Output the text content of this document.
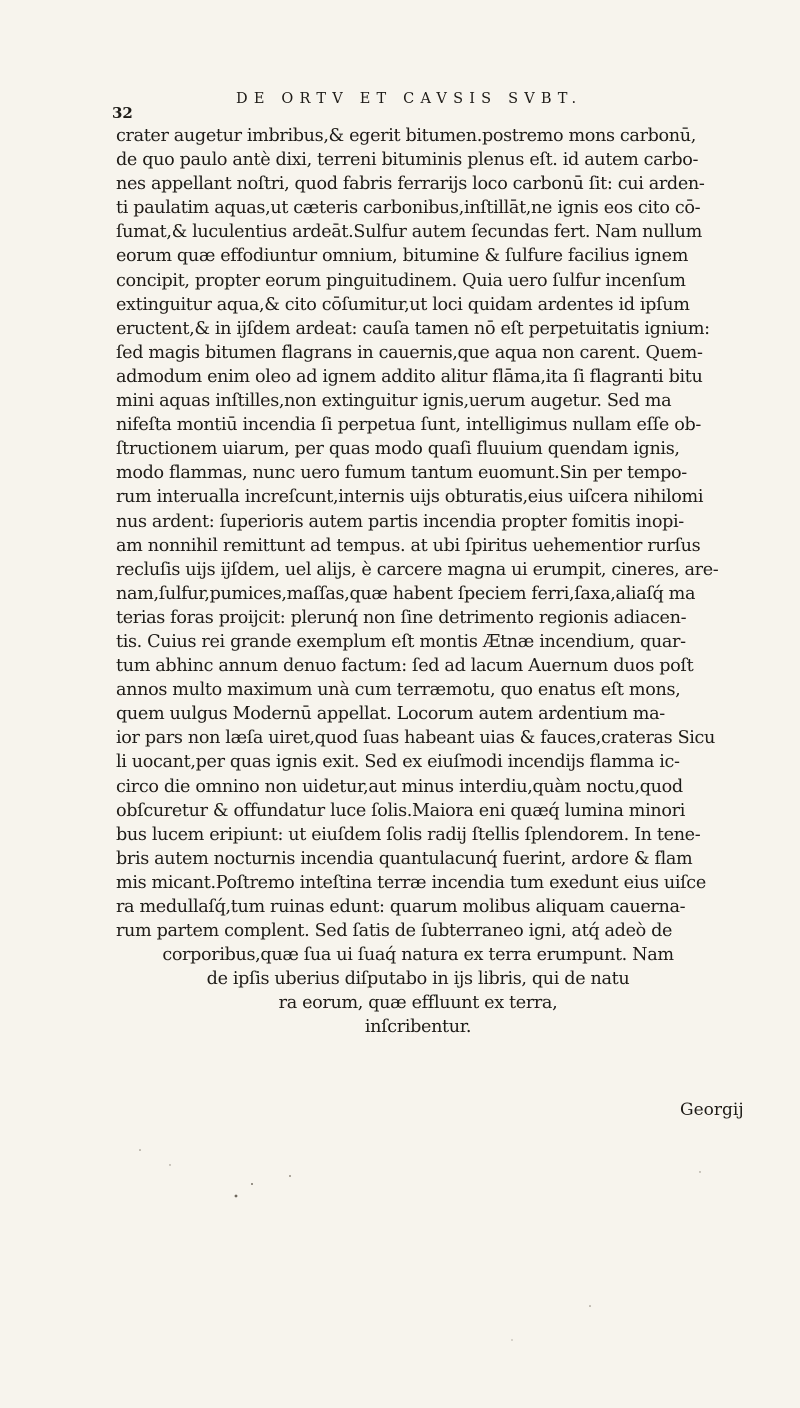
32
DE ORTV ET CAVSIS SVBT.
crater augetur imbribus,& egerit bitumen.postremo mons carbonū,
de quo paulo antè dixi, terreni bituminis plenus eſt. id autem carbo-
nes appellant noſtri, quod fabris ferrarijs loco carbonū ſit: cui arden-
ti paulatim aquas,ut cæteris carbonibus,inſtillāt,ne ignis eos cito cō-
ſumat,& luculentius ardeāt.Sulfur autem ſecundas fert. Nam nullum
eorum quæ effodiuntur omnium, bitumine & ſulfure facilius ignem
concipit, propter eorum pinguitudinem. Quia uero ſulfur incenſum
extinguitur aqua,& cito cōſumitur,ut loci quidam ardentes id ipſum
eructent,& in ijſdem ardeat: cauſa tamen nō eſt perpetuitatis ignium:
ſed magis bitumen flagrans in cauernis,que aqua non carent. Quem-
admodum enim oleo ad ignem addito alitur flāma,ita ſi flagranti bitu
mini aquas inſtilles,non extinguitur ignis,uerum augetur. Sed ma
nifeſta montiū incendia ſi perpetua ſunt, intelligimus nullam eſſe ob-
ſtructionem uiarum, per quas modo quaſi fluuium quendam ignis,
modo flammas, nunc uero fumum tantum euomunt.Sin per tempo-
rum interualla increſcunt,internis uijs obturatis,eius uiſcera nihilomi
nus ardent: ſuperioris autem partis incendia propter fomitis inopi-
am nonnihil remittunt ad tempus. at ubi ſpiritus uehementior rurſus
recluſis uijs ijſdem, uel alijs, è carcere magna ui erumpit, cineres, are-
nam,ſulfur,pumices,maſſas,quæ habent ſpeciem ferri,ſaxa,aliaſq́ ma
terias foras proijcit: plerunq́ non ſine detrimento regionis adiacen-
tis. Cuius rei grande exemplum eſt montis Ætnæ incendium, quar-
tum abhinc annum denuo factum: ſed ad lacum Auernum duos poſt
annos multo maximum unà cum terræmotu, quo enatus eſt mons,
quem uulgus Modernū appellat. Locorum autem ardentium ma-
ior pars non læſa uiret,quod ſuas habeant uias & fauces,crateras Sicu
li uocant,per quas ignis exit. Sed ex eiuſmodi incendijs flamma ic-
circo die omnino non uidetur,aut minus interdiu,quàm noctu,quod
obſcuretur & offundatur luce ſolis.Maiora eni quæq́ lumina minori
bus lucem eripiunt: ut eiuſdem ſolis radij ſtellis ſplendorem. In tene-
bris autem nocturnis incendia quantulacunq́ fuerint, ardore & flam
mis micant.Poſtremo inteſtina terræ incendia tum exedunt eius uiſce
ra medullaſq́,tum ruinas edunt: quarum molibus aliquam cauerna-
rum partem complent. Sed ſatis de ſubterraneo igni, atq́ adeò de
corporibus,quæ ſua ui ſuaq́ natura ex terra erumpunt. Nam
de ipſis uberius diſputabo in ijs libris, qui de natu
ra eorum, quæ effluunt ex terra,
inſcribentur.
Georgij
